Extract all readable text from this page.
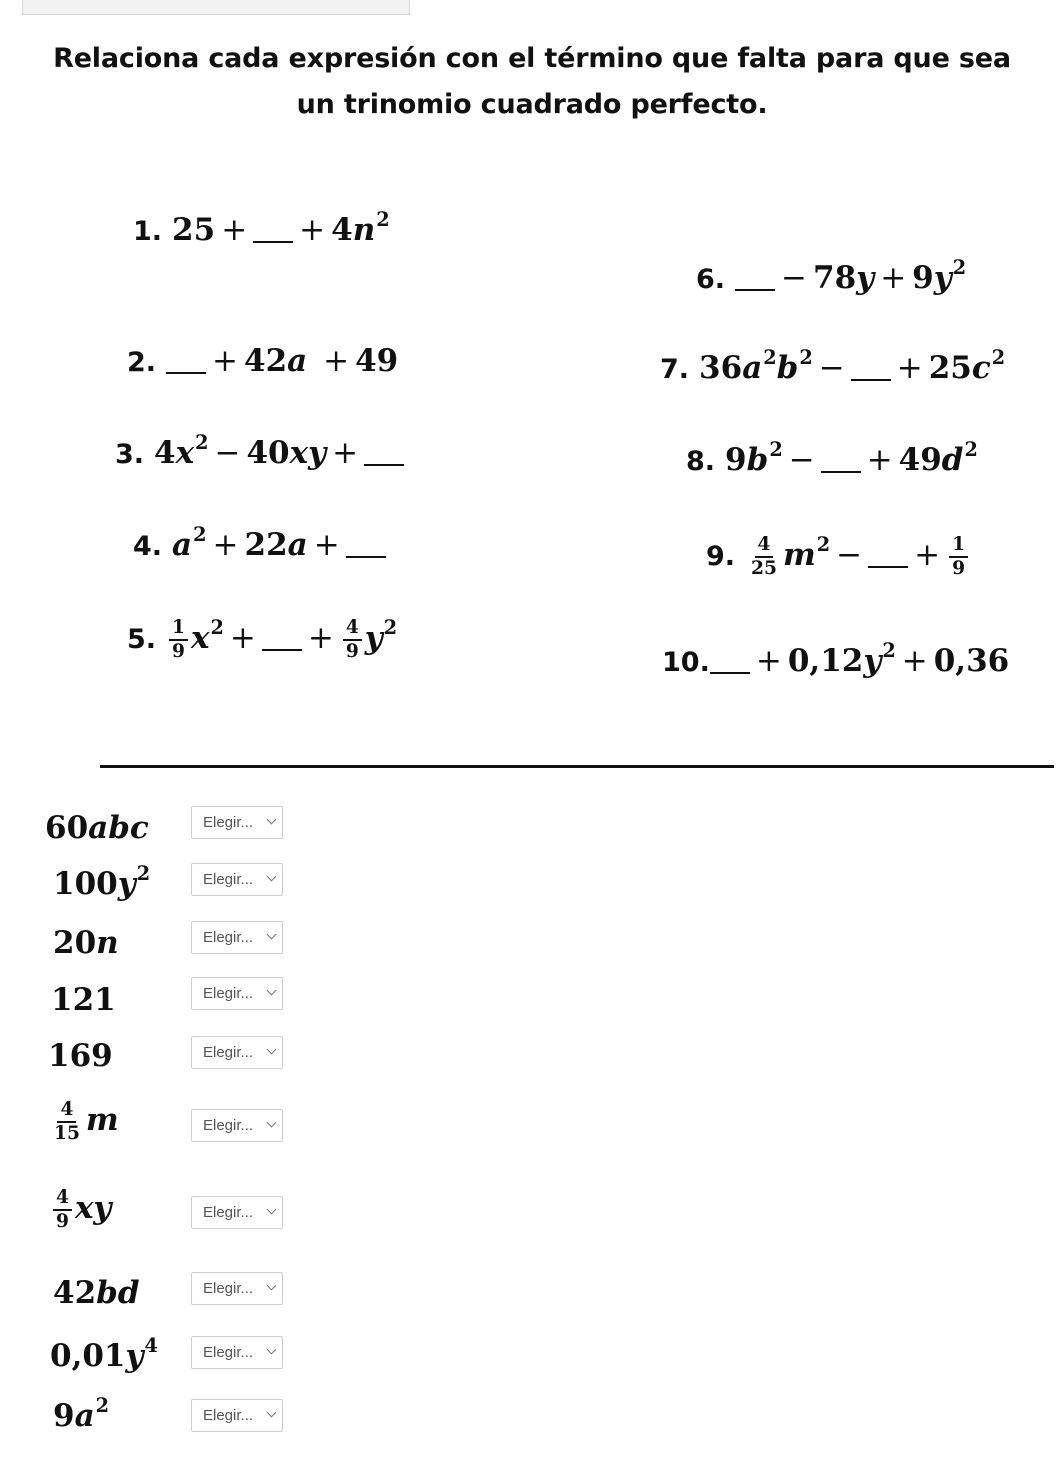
Relaciona cada expresión con el término que falta para que sea un trinomio cuadrado perfecto.
1. 25 + + $4n^2$
2. + 42a + 49
3. $4x^2 - 40xy$ +
4. $a^2 + 22a$ +
5. $\frac{1}{9} x^2$ + + $\frac{4}{9} y^2$
6. − $78y + 9y^2$
7. $36a^2b^2$ − + $25c^2$
8. $9b^2$ − + $49d^2$
9. $\frac{4}{25} m^2$ − + $\frac{1}{9}$
10. + $0,12y^2 + 0,36$
60abc
$100y^2$
20n
121
169
$\frac{4}{15}$ m
$\frac{4}{9}$ xy
42bd
$0,01y^4$
$9a^2$
Elegir...
Elegir...
Elegir...
Elegir...
Elegir...
Elegir...
Elegir...
Elegir...
Elegir...
Elegir...
